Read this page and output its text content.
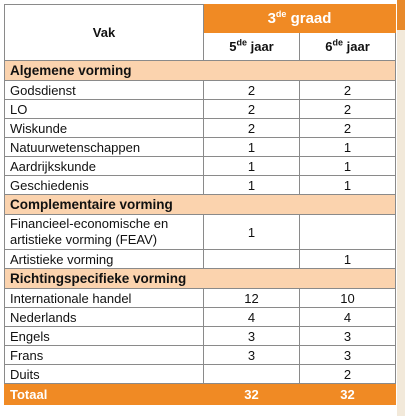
Vak	3de graad	
	5de jaar	6de jaar
Algemene vorming		
Godsdienst	2	2
LO	2	2
Wiskunde	2	2
Natuurwetenschappen	1	1
Aardrijkskunde	1	1
Geschiedenis	1	1
Complementaire vorming		
Financieel-economische en artistieke vorming (FEAV)	1	
Artistieke vorming		1
Richtingspecifieke vorming		
Internationale handel	12	10
Nederlands	4	4
Engels	3	3
Frans	3	3
Duits		2
Totaal	32	32
